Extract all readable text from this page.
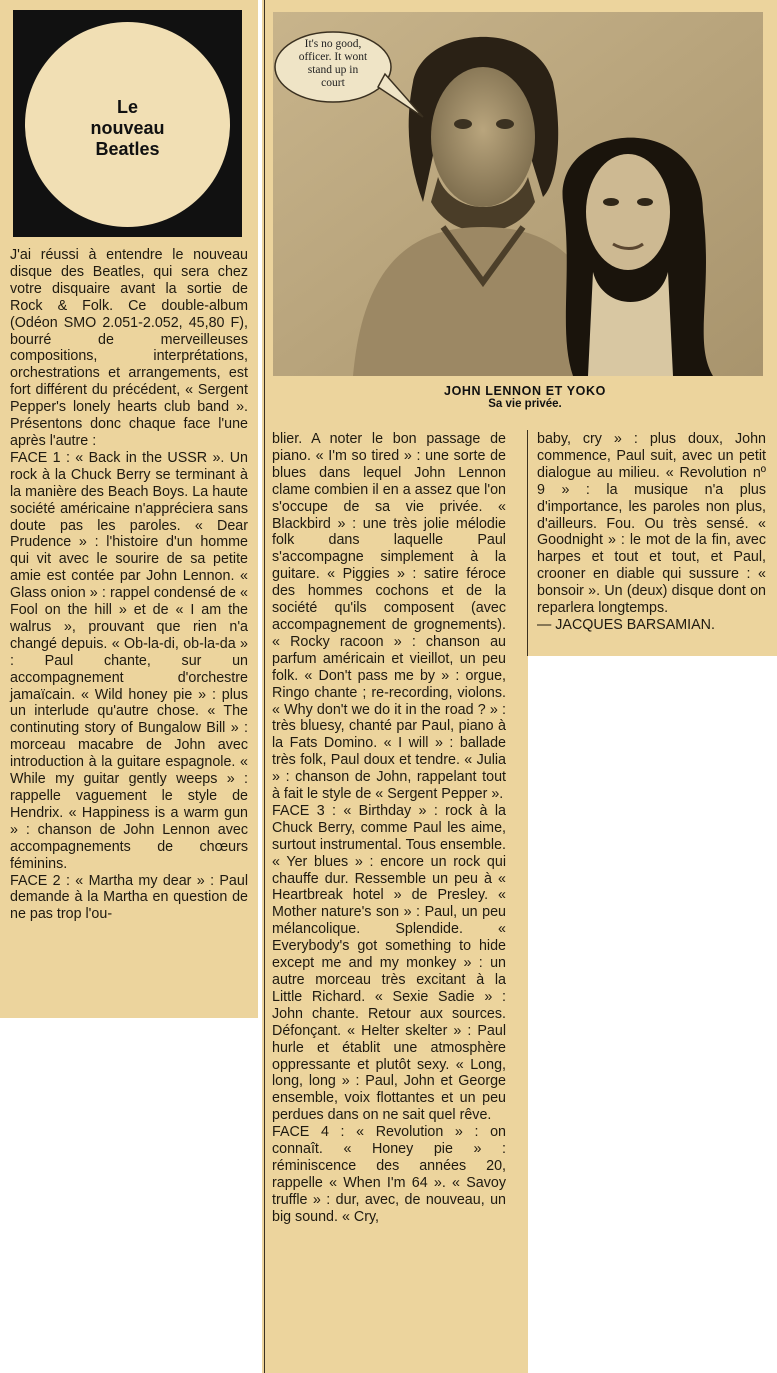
Le
nouveau
Beatles
It's no good,
officer. It wont
stand up in
court
JOHN LENNON ET YOKO
Sa vie privée.
J'ai réussi à entendre le nouveau disque des Beatles, qui sera chez votre disquaire avant la sortie de Rock & Folk. Ce double-album (Odéon SMO 2.051-2.052, 45,80 F), bourré de merveilleuses compositions, interprétations, orchestrations et arrangements, est fort différent du précédent, « Sergent Pepper's lonely hearts club band ». Présentons donc chaque face l'une après l'autre :
FACE 1 : « Back in the USSR ». Un rock à la Chuck Berry se terminant à la manière des Beach Boys. La haute société américaine n'appréciera sans doute pas les paroles. « Dear Prudence » : l'histoire d'un homme qui vit avec le sourire de sa petite amie est contée par John Lennon. « Glass onion » : rappel condensé de « Fool on the hill » et de « I am the walrus », prouvant que rien n'a changé depuis. « Ob-la-di, ob-la-da » : Paul chante, sur un accompagnement d'orchestre jamaïcain. « Wild honey pie » : plus un interlude qu'autre chose. « The continuting story of Bungalow Bill » : morceau macabre de John avec introduction à la guitare espagnole. « While my guitar gently weeps » : rappelle vaguement le style de Hendrix. « Happiness is a warm gun » : chanson de John Lennon avec accompagnements de chœurs féminins.
FACE 2 : « Martha my dear » : Paul demande à la Martha en question de ne pas trop l'ou-
blier. A noter le bon passage de piano. « I'm so tired » : une sorte de blues dans lequel John Lennon clame combien il en a assez que l'on s'occupe de sa vie privée. « Blackbird » : une très jolie mélodie folk dans laquelle Paul s'accompagne simplement à la guitare. « Piggies » : satire féroce des hommes cochons et de la société qu'ils composent (avec accompagnement de grognements). « Rocky racoon » : chanson au parfum américain et vieillot, un peu folk. « Don't pass me by » : orgue, Ringo chante ; re-recording, violons. « Why don't we do it in the road ? » : très bluesy, chanté par Paul, piano à la Fats Domino. « I will » : ballade très folk, Paul doux et tendre. « Julia » : chanson de John, rappelant tout à fait le style de « Sergent Pepper ».
FACE 3 : « Birthday » : rock à la Chuck Berry, comme Paul les aime, surtout instrumental. Tous ensemble. « Yer blues » : encore un rock qui chauffe dur. Ressemble un peu à « Heartbreak hotel » de Presley. « Mother nature's son » : Paul, un peu mélancolique. Splendide. « Everybody's got something to hide except me and my monkey » : un autre morceau très excitant à la Little Richard. « Sexie Sadie » : John chante. Retour aux sources. Défonçant. « Helter skelter » : Paul hurle et établit une atmosphère oppressante et plutôt sexy. « Long, long, long » : Paul, John et George ensemble, voix flottantes et un peu perdues dans on ne sait quel rêve.
FACE 4 : « Revolution » : on connaît. « Honey pie » : réminiscence des années 20, rappelle « When I'm 64 ». « Savoy truffle » : dur, avec, de nouveau, un big sound. « Cry,
baby, cry » : plus doux, John commence, Paul suit, avec un petit dialogue au milieu. « Revolution nº 9 » : la musique n'a plus d'importance, les paroles non plus, d'ailleurs. Fou. Ou très sensé. « Goodnight » : le mot de la fin, avec harpes et tout et tout, et Paul, crooner en diable qui sussure : « bonsoir ». Un (deux) disque dont on reparlera longtemps.
— JACQUES BARSAMIAN.
